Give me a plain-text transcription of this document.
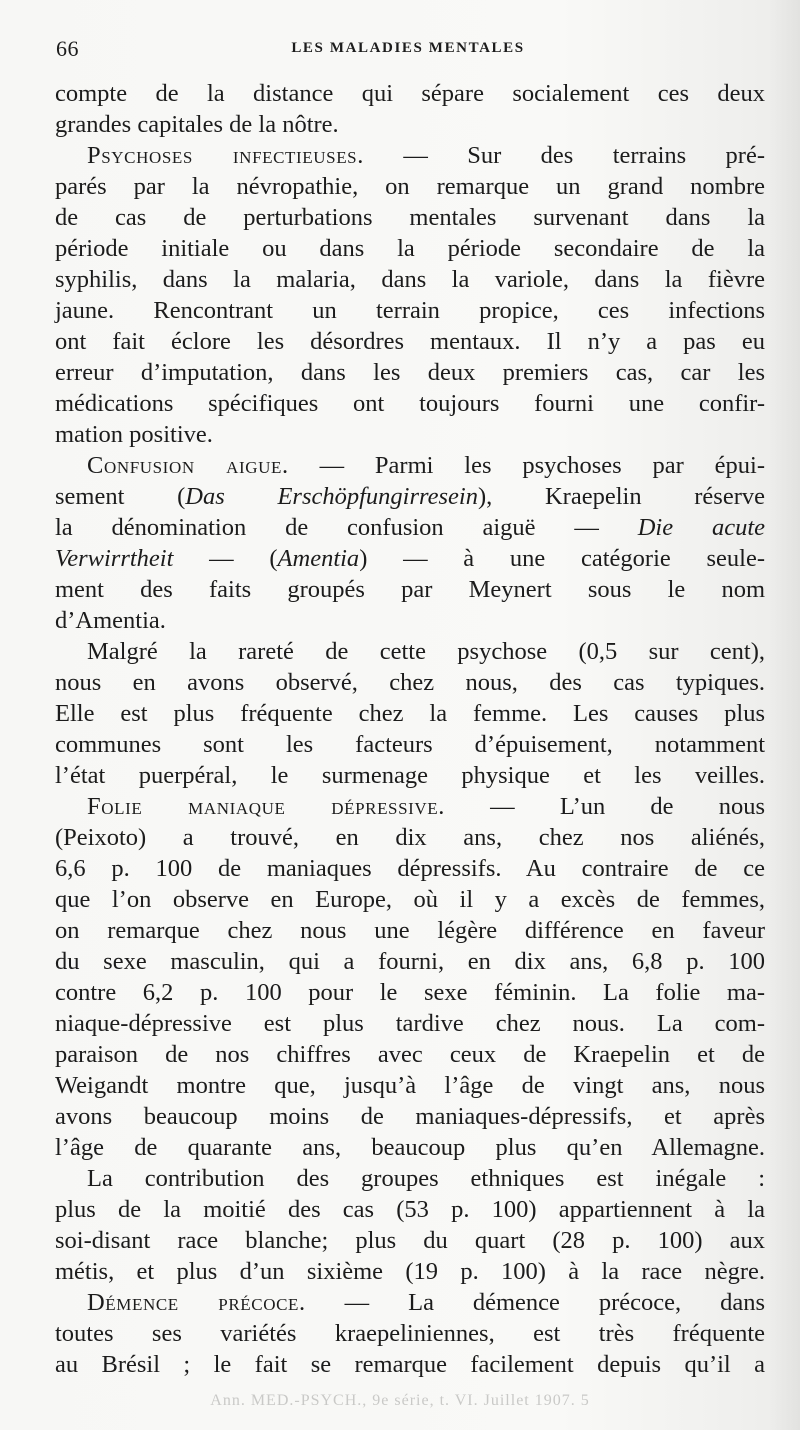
66	LES MALADIES MENTALES
compte de la distance qui sépare socialement ces deux
grandes capitales de la nôtre.
Psychoses infectieuses. — Sur des terrains pré-
parés par la névropathie, on remarque un grand nombre
de cas de perturbations mentales survenant dans la
période initiale ou dans la période secondaire de la
syphilis, dans la malaria, dans la variole, dans la fièvre
jaune. Rencontrant un terrain propice, ces infections
ont fait éclore les désordres mentaux. Il n’y a pas eu
erreur d’imputation, dans les deux premiers cas, car les
médications spécifiques ont toujours fourni une confir-
mation positive.
Confusion aigue. — Parmi les psychoses par épui-
sement (Das Erschöpfungirresein), Kraepelin réserve
la dénomination de confusion aiguë — Die acute
Verwirrtheit — (Amentia) — à une catégorie seule-
ment des faits groupés par Meynert sous le nom
d’Amentia.
Malgré la rareté de cette psychose (0,5 sur cent),
nous en avons observé, chez nous, des cas typiques.
Elle est plus fréquente chez la femme. Les causes plus
communes sont les facteurs d’épuisement, notamment
l’état puerpéral, le surmenage physique et les veilles.
Folie maniaque dépressive. — L’un de nous
(Peixoto) a trouvé, en dix ans, chez nos aliénés,
6,6 p. 100 de maniaques dépressifs. Au contraire de ce
que l’on observe en Europe, où il y a excès de femmes,
on remarque chez nous une légère différence en faveur
du sexe masculin, qui a fourni, en dix ans, 6,8 p. 100
contre 6,2 p. 100 pour le sexe féminin. La folie ma-
niaque-dépressive est plus tardive chez nous. La com-
paraison de nos chiffres avec ceux de Kraepelin et de
Weigandt montre que, jusqu’à l’âge de vingt ans, nous
avons beaucoup moins de maniaques-dépressifs, et après
l’âge de quarante ans, beaucoup plus qu’en Allemagne.
La contribution des groupes ethniques est inégale :
plus de la moitié des cas (53 p. 100) appartiennent à la
soi-disant race blanche; plus du quart (28 p. 100) aux
métis, et plus d’un sixième (19 p. 100) à la race nègre.
Démence précoce. — La démence précoce, dans
toutes ses variétés kraepeliniennes, est très fréquente
au Brésil ; le fait se remarque facilement depuis qu’il a
Ann. MED.-PSYCH., 9e série, t. VI. Juillet 1907. 5
